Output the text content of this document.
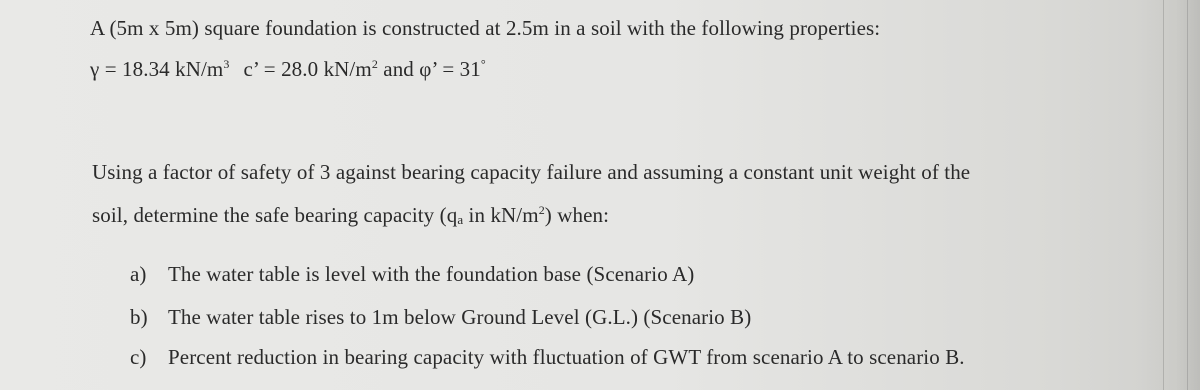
A (5m x 5m) square foundation is constructed at 2.5m in a soil with the following properties:
γ = 18.34 $kN/m^3$ c’ = 28.0 $kN/m^2$ and φ’ = 31°
Using a factor of safety of 3 against bearing capacity failure and assuming a constant unit weight of the
soil, determine the safe bearing capacity ($q_a$ in $kN/m^2$) when:
a) The water table is level with the foundation base (Scenario A)
b) The water table rises to 1m below Ground Level (G.L.) (Scenario B)
c) Percent reduction in bearing capacity with fluctuation of GWT from scenario A to scenario B.
